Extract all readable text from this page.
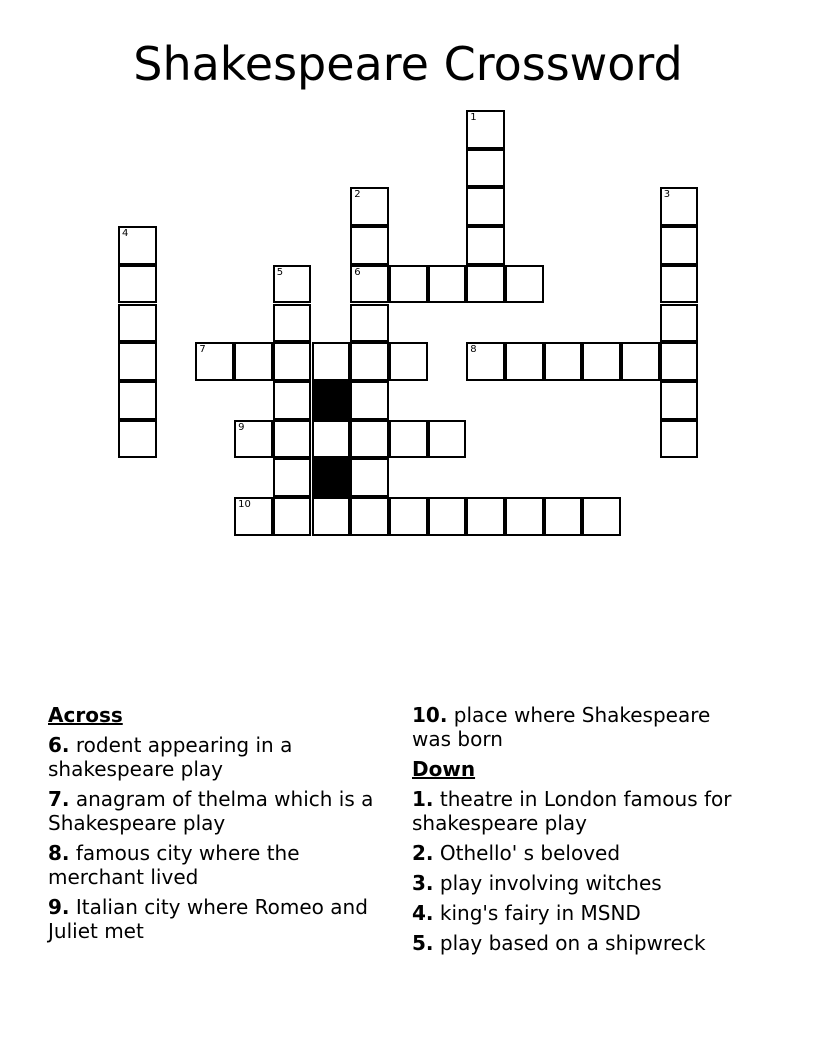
Shakespeare Crossword
1
2
6
3
4
5
7	8
9
10
Across
6. rodent appearing in a shakespeare play
7. anagram of thelma which is a Shakespeare play
8. famous city where the merchant lived
9. Italian city where Romeo and Juliet met
10. place where Shakespeare was born
Down
1. theatre in London famous for shakespeare play
2. Othello' s beloved
3. play involving witches
4. king's fairy in MSND
5. play based on a shipwreck
